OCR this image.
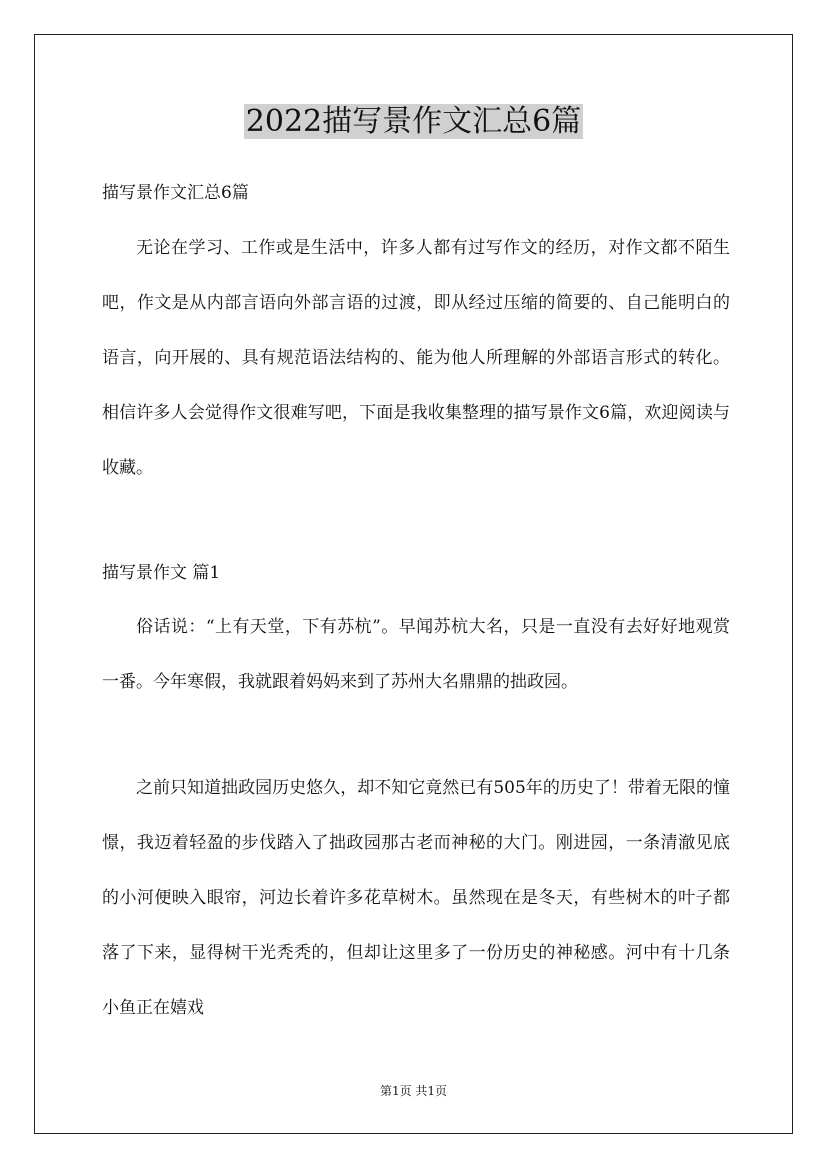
2022描写景作文汇总6篇
描写景作文汇总6篇

无论在学习、工作或是生活中，许多人都有过写作文的经历，对作文都不陌生吧，作文是从内部言语向外部言语的过渡，即从经过压缩的简要的、自己能明白的语言，向开展的、具有规范语法结构的、能为他人所理解的外部语言形式的转化。相信许多人会觉得作文很难写吧，下面是我收集整理的描写景作文6篇，欢迎阅读与收藏。

描写景作文 篇1

俗话说：“上有天堂，下有苏杭”。早闻苏杭大名，只是一直没有去好好地观赏一番。今年寒假，我就跟着妈妈来到了苏州大名鼎鼎的拙政园。

之前只知道拙政园历史悠久，却不知它竟然已有505年的历史了！带着无限的憧憬，我迈着轻盈的步伐踏入了拙政园那古老而神秘的大门。刚进园，一条清澈见底的小河便映入眼帘，河边长着许多花草树木。虽然现在是冬天，有些树木的叶子都落了下来，显得树干光秃秃的，但却让这里多了一份历史的神秘感。河中有十几条小鱼正在嬉戏

第1页 共1页
